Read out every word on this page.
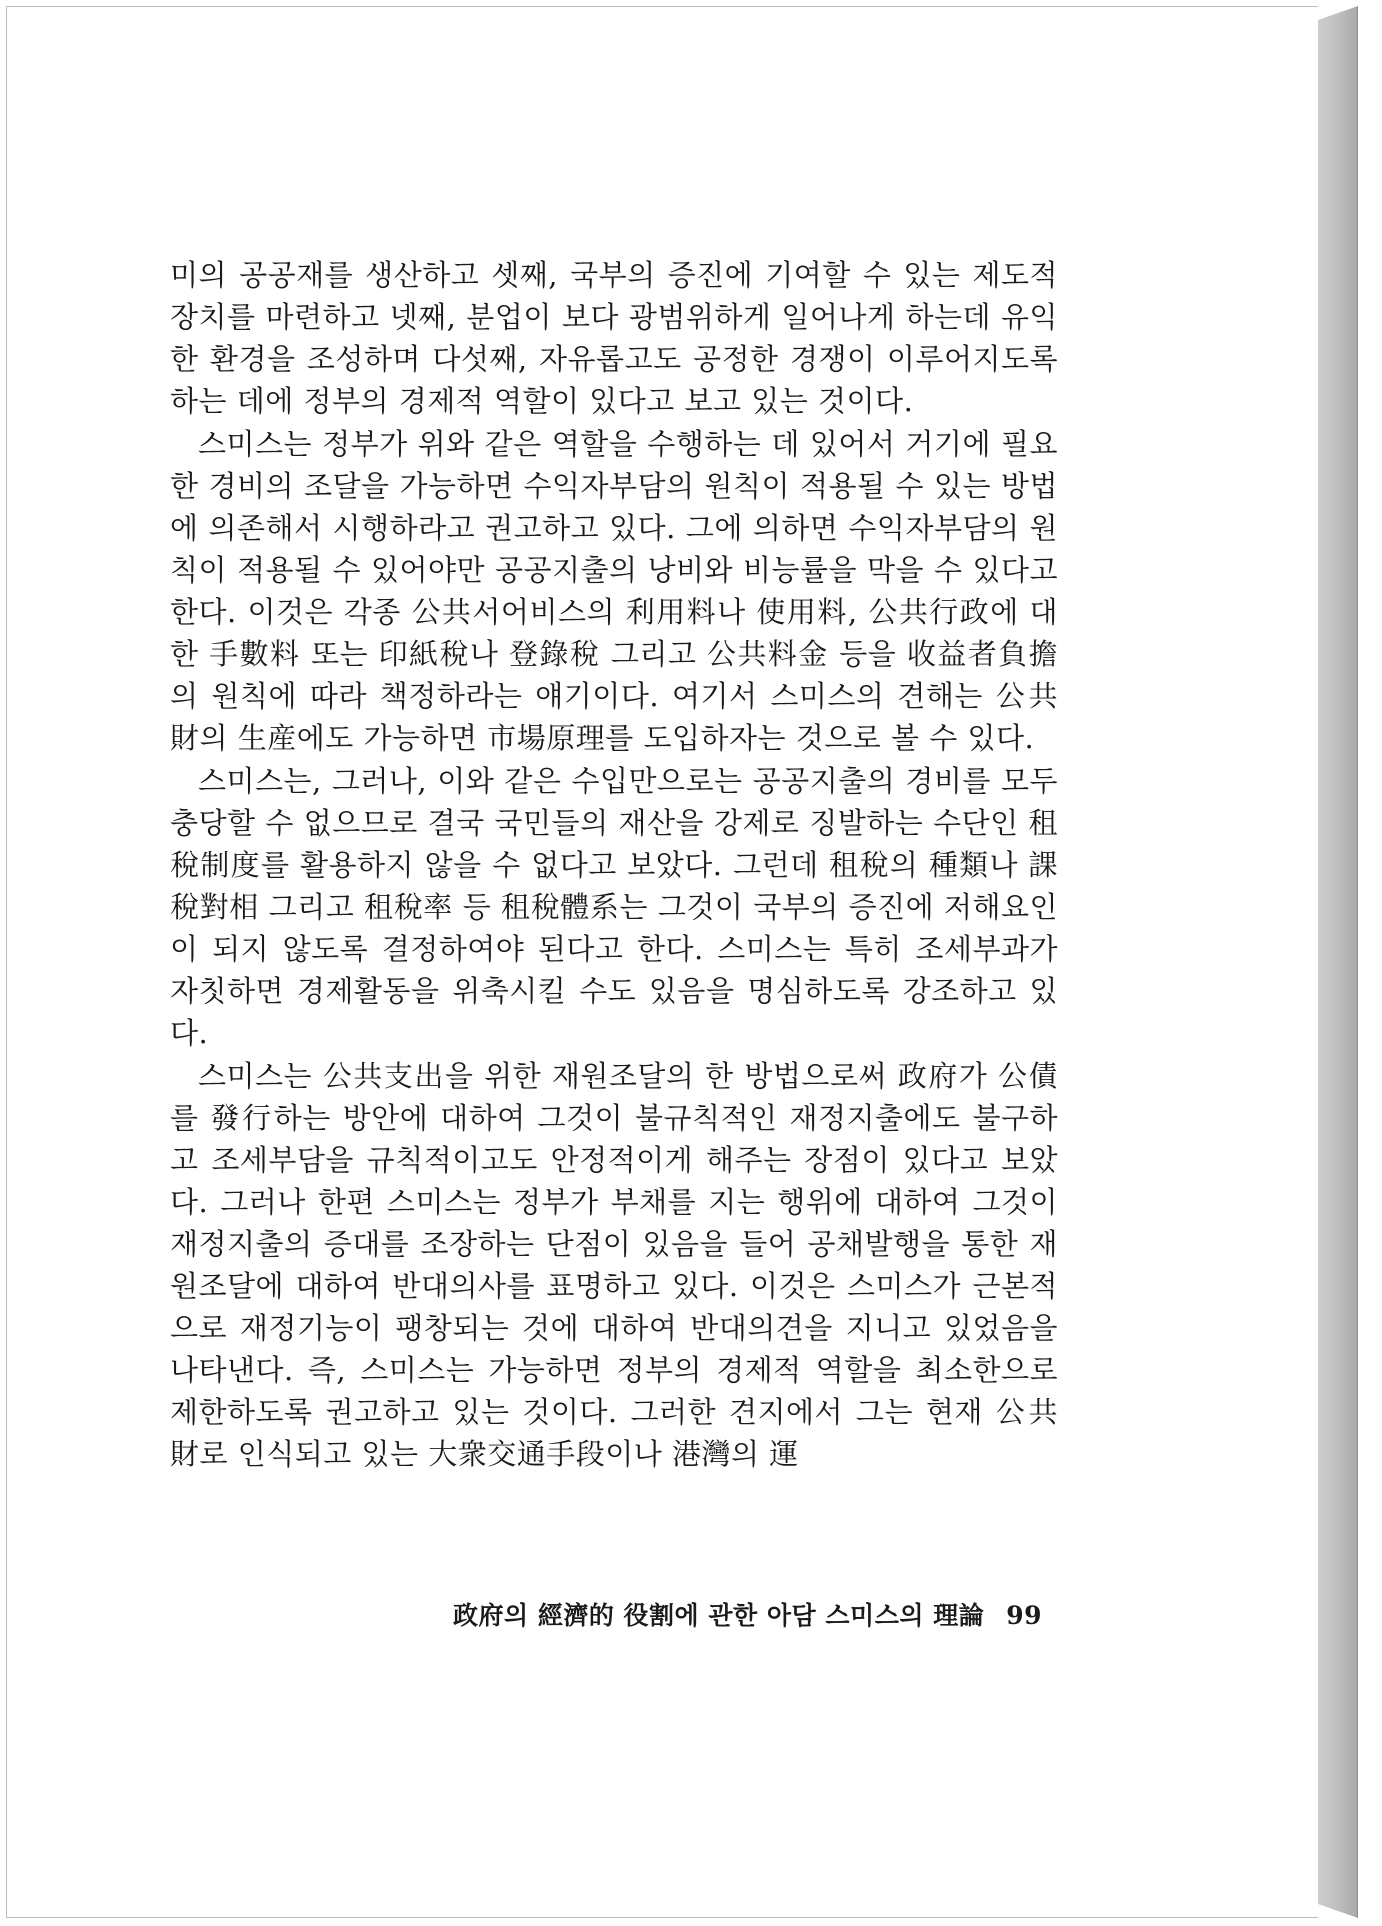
미의 공공재를 생산하고 셋째, 국부의 증진에 기여할 수 있는 제도적 장치를 마련하고 넷째, 분업이 보다 광범위하게 일어나게 하는데 유익한 환경을 조성하며 다섯째, 자유롭고도 공정한 경쟁이 이루어지도록 하는 데에 정부의 경제적 역할이 있다고 보고 있는 것이다.

스미스는 정부가 위와 같은 역할을 수행하는 데 있어서 거기에 필요한 경비의 조달을 가능하면 수익자부담의 원칙이 적용될 수 있는 방법에 의존해서 시행하라고 권고하고 있다. 그에 의하면 수익자부담의 원칙이 적용될 수 있어야만 공공지출의 낭비와 비능률을 막을 수 있다고 한다. 이것은 각종 公共서어비스의 利用料나 使用料, 公共行政에 대한 手數料 또는 印紙稅나 登錄稅 그리고 公共料金 등을 收益者負擔의 원칙에 따라 책정하라는 얘기이다. 여기서 스미스의 견해는 公共財의 生産에도 가능하면 市場原理를 도입하자는 것으로 볼 수 있다.

스미스는, 그러나, 이와 같은 수입만으로는 공공지출의 경비를 모두 충당할 수 없으므로 결국 국민들의 재산을 강제로 징발하는 수단인 租稅制度를 활용하지 않을 수 없다고 보았다. 그런데 租稅의 種類나 課稅對相 그리고 租稅率 등 租稅體系는 그것이 국부의 증진에 저해요인이 되지 않도록 결정하여야 된다고 한다. 스미스는 특히 조세부과가 자칫하면 경제활동을 위축시킬 수도 있음을 명심하도록 강조하고 있다.

스미스는 公共支出을 위한 재원조달의 한 방법으로써 政府가 公債를 發行하는 방안에 대하여 그것이 불규칙적인 재정지출에도 불구하고 조세부담을 규칙적이고도 안정적이게 해주는 장점이 있다고 보았다. 그러나 한편 스미스는 정부가 부채를 지는 행위에 대하여 그것이 재정지출의 증대를 조장하는 단점이 있음을 들어 공채발행을 통한 재원조달에 대하여 반대의사를 표명하고 있다. 이것은 스미스가 근본적으로 재정기능이 팽창되는 것에 대하여 반대의견을 지니고 있었음을 나타낸다. 즉, 스미스는 가능하면 정부의 경제적 역할을 최소한으로 제한하도록 권고하고 있는 것이다. 그러한 견지에서 그는 현재 公共財로 인식되고 있는 大衆交通手段이나 港灣의 運

政府의 經濟的 役割에 관한 아담 스미스의 理論 99
